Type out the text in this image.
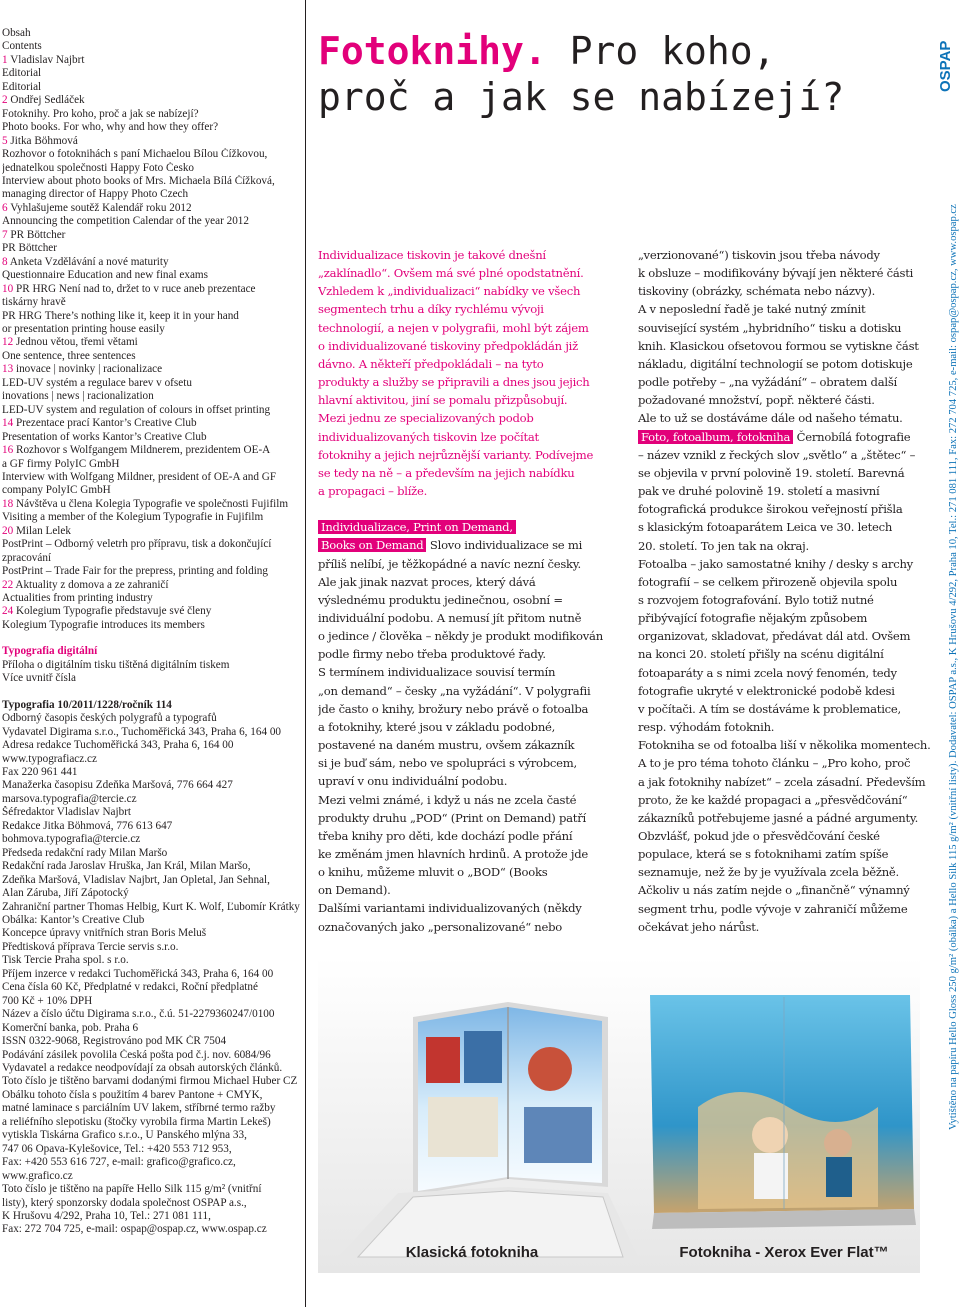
Obsah
Contents
1 Vladislav Najbrt
Editorial
Editorial
2 Ondřej Sedláček
Fotoknihy. Pro koho, proč a jak se nabízejí?
Photo books. For who, why and how they offer?
5 Jitka Böhmová
Rozhovor o fotoknihách s paní Michaelou Bílou Čížkovou,
jednatelkou společnosti Happy Foto Česko
Interview about photo books of Mrs. Michaela Bílá Čížková,
managing director of Happy Photo Czech
6 Vyhlašujeme soutěž Kalendář roku 2012
Announcing the competition Calendar of the year 2012
7 PR Böttcher
PR Böttcher
8 Anketa Vzdělávání a nové maturity
Questionnaire Education and new final exams
10 PR HRG Není nad to, držet to v ruce aneb prezentace
tiskárny hravě
PR HRG There’s nothing like it, keep it in your hand
or presentation printing house easily
12 Jednou větou, třemi větami
One sentence, three sentences
13 inovace | novinky | racionalizace
LED-UV systém a regulace barev v ofsetu
inovations | news | racionalization
LED-UV system and regulation of colours in offset printing
14 Prezentace prací Kantor’s Creative Club
Presentation of works Kantor’s Creative Club
16 Rozhovor s Wolfgangem Mildnerem, prezidentem OE-A
a GF firmy PolyIC GmbH
Interview with Wolfgang Mildner, president of OE-A and GF
company PolyIC GmbH
18 Návštěva u člena Kolegia Typografie ve společnosti Fujifilm
Visiting a member of the Kolegium Typografie in Fujifilm
20 Milan Lelek
PostPrint – Odborný veletrh pro přípravu, tisk a dokončující
zpracování
PostPrint – Trade Fair for the prepress, printing and folding
22 Aktuality z domova a ze zahraničí
Actualities from printing industry
24 Kolegium Typografie představuje své členy
Kolegium Typografie introduces its members
Typografia digitální
Příloha o digitálním tisku tištěná digitálním tiskem
Více uvnitř čísla
Typografia 10/2011/1228/ročník 114
Odborný časopis českých polygrafů a typografů
Vydavatel Digirama s.r.o., Tuchoměřická 343, Praha 6, 164 00
Adresa redakce Tuchoměřická 343, Praha 6, 164 00
www.typografiacz.cz
Fax 220 961 441
Manažerka časopisu Zdeňka Maršová, 776 664 427
marsova.typografia@tercie.cz
Šéfredaktor Vladislav Najbrt
Redakce Jitka Böhmová, 776 613 647
bohmova.typografia@tercie.cz
Předseda redakční rady Milan Maršo
Redakční rada Jaroslav Hruška, Jan Král, Milan Maršo,
Zdeňka Maršová, Vladislav Najbrt, Jan Opletal, Jan Sehnal,
Alan Záruba, Jiří Zápotocký
Zahraniční partner Thomas Helbig, Kurt K. Wolf, Ľubomír Krátky
Obálka: Kantor’s Creative Club
Koncepce úpravy vnitřních stran Boris Meluš
Předtisková příprava Tercie servis s.r.o.
Tisk Tercie Praha spol. s r.o.
Příjem inzerce v redakci Tuchoměřická 343, Praha 6, 164 00
Cena čísla 60 Kč, Předplatné v redakci, Roční předplatné
700 Kč + 10% DPH
Název a číslo účtu Digirama s.r.o., č.ú. 51-2279360247/0100
Komerční banka, pob. Praha 6
ISSN 0322-9068, Registrováno pod MK ČR 7504
Podávání zásilek povolila Česká pošta pod č.j. nov. 6084/96
Vydavatel a redakce neodpovídají za obsah autorských článků.
Toto číslo je tištěno barvami dodanými firmou Michael Huber CZ
Obálku tohoto čísla s použitím 4 barev Pantone + CMYK,
matné laminace s parciálním UV lakem, stříbrné termo ražby
a reliéfního slepotisku (štočky vyrobila firma Martin Lekeš)
vytiskla Tiskárna Grafico s.r.o., U Panského mlýna 33,
747 06 Opava-Kylešovice, Tel.: +420 553 712 953,
Fax: +420 553 616 727, e-mail: grafico@grafico.cz,
www.grafico.cz
Toto číslo je tištěno na papíře Hello Silk 115 g/m² (vnitřní
listy), který sponzorsky dodala společnost OSPAP a.s.,
K Hrušovu 4/292, Praha 10, Tel.: 271 081 111,
Fax: 272 704 725, e-mail: ospap@ospap.cz, www.ospap.cz
Fotoknihy. Pro koho,
proč a jak se nabízejí?
Individualizace tiskovin je takové dnešní
„zaklínadlo“. Ovšem má své plné opodstatnění.
Vzhledem k „individualizaci“ nabídky ve všech
segmentech trhu a díky rychlému vývoji
technologií, a nejen v polygrafii, mohl být zájem
o individualizované tiskoviny předpokládán již
dávno. A někteří předpokládali – na tyto
produkty a služby se připravili a dnes jsou jejich
hlavní aktivitou, jiní se pomalu přizpůsobují.
Mezi jednu ze specializovaných podob
individualizovaných tiskovin lze počítat
fotoknihy a jejich nejrůznější varianty. Podívejme
se tedy na ně – a především na jejich nabídku
a propagaci – blíže.
Individualizace, Print on Demand,
Books on Demand Slovo individualizace se mi
příliš nelíbí, je těžkopádné a navíc nezní česky.
Ale jak jinak nazvat proces, který dává
výslednému produktu jedinečnou, osobní =
individuální podobu. A nemusí jít přitom nutně
o jedince / člověka – někdy je produkt modifikován
podle firmy nebo třeba produktové řady.
S termínem individualizace souvisí termín
„on demand“ – česky „na vyžádání“. V polygrafii
jde často o knihy, brožury nebo právě o fotoalba
a fotoknihy, které jsou v základu podobné,
postavené na daném mustru, ovšem zákazník
si je buď sám, nebo ve spolupráci s výrobcem,
upraví v onu individuální podobu.
Mezi velmi známé, i když u nás ne zcela časté
produkty druhu „POD“ (Print on Demand) patří
třeba knihy pro děti, kde dochází podle přání
ke změnám jmen hlavních hrdinů. A protože jde
o knihu, můžeme mluvit o „BOD“ (Books
on Demand).
Dalšími variantami individualizovaných (někdy
označovaných jako „personalizované“ nebo
„verzionované“) tiskovin jsou třeba návody
k obsluze – modifikovány bývají jen některé části
tiskoviny (obrázky, schémata nebo názvy).
A v neposlední řadě je také nutný zmínit
související systém „hybridního“ tisku a dotisku
knih. Klasickou ofsetovou formou se vytiskne část
nákladu, digitální technologií se potom dotiskuje
podle potřeby – „na vyžádání“ – obratem další
požadované množství, popř. některé části.
Ale to už se dostáváme dále od našeho tématu.
Foto, fotoalbum, fotokniha Černobílá fotografie
– název vznikl z řeckých slov „světlo“ a „štětec“ –
se objevila v první polovině 19. století. Barevná
pak ve druhé polovině 19. století a masivní
fotografická produkce širokou veřejností přišla
s klasickým fotoaparátem Leica ve 30. letech
20. století. To jen tak na okraj.
Fotoalba – jako samostatné knihy / desky s archy
fotografií – se celkem přirozeně objevila spolu
s rozvojem fotografování. Bylo totiž nutné
přibývající fotografie nějakým způsobem
organizovat, skladovat, předávat dál atd. Ovšem
na konci 20. století přišly na scénu digitální
fotoaparáty a s nimi zcela nový fenomén, tedy
fotografie ukryté v elektronické podobě kdesi
v počítači. A tím se dostáváme k problematice,
resp. výhodám fotoknih.
Fotokniha se od fotoalba liší v několika momentech.
A to je pro téma tohoto článku – „Pro koho, proč
a jak fotoknihy nabízet“ – zcela zásadní. Především
proto, že ke každé propagaci a „přesvědčování“
zákazníků potřebujeme jasné a pádné argumenty.
Obzvlášť, pokud jde o přesvědčování české
populace, která se s fotoknihami zatím spíše
seznamuje, než že by je využívala zcela běžně.
Ačkoliv u nás zatím nejde o „finančně“ výnamný
segment trhu, podle vývoje v zahraničí můžeme
očekávat jeho nárůst.
Klasická fotokniha	Fotokniha - Xerox Ever Flat™
Vytištěno na papíru Hello Gloss 250 g/m² (obálka) a Hello Silk 115 g/m² (vnitřní listy). Dodavatel: OSPAP a.s., K Hrušovu 4/292, Praha 10, Tel.: 271 081 111, Fax: 272 704 725, e-mail: ospap@ospap.cz, www.ospap.cz
OSPAP
